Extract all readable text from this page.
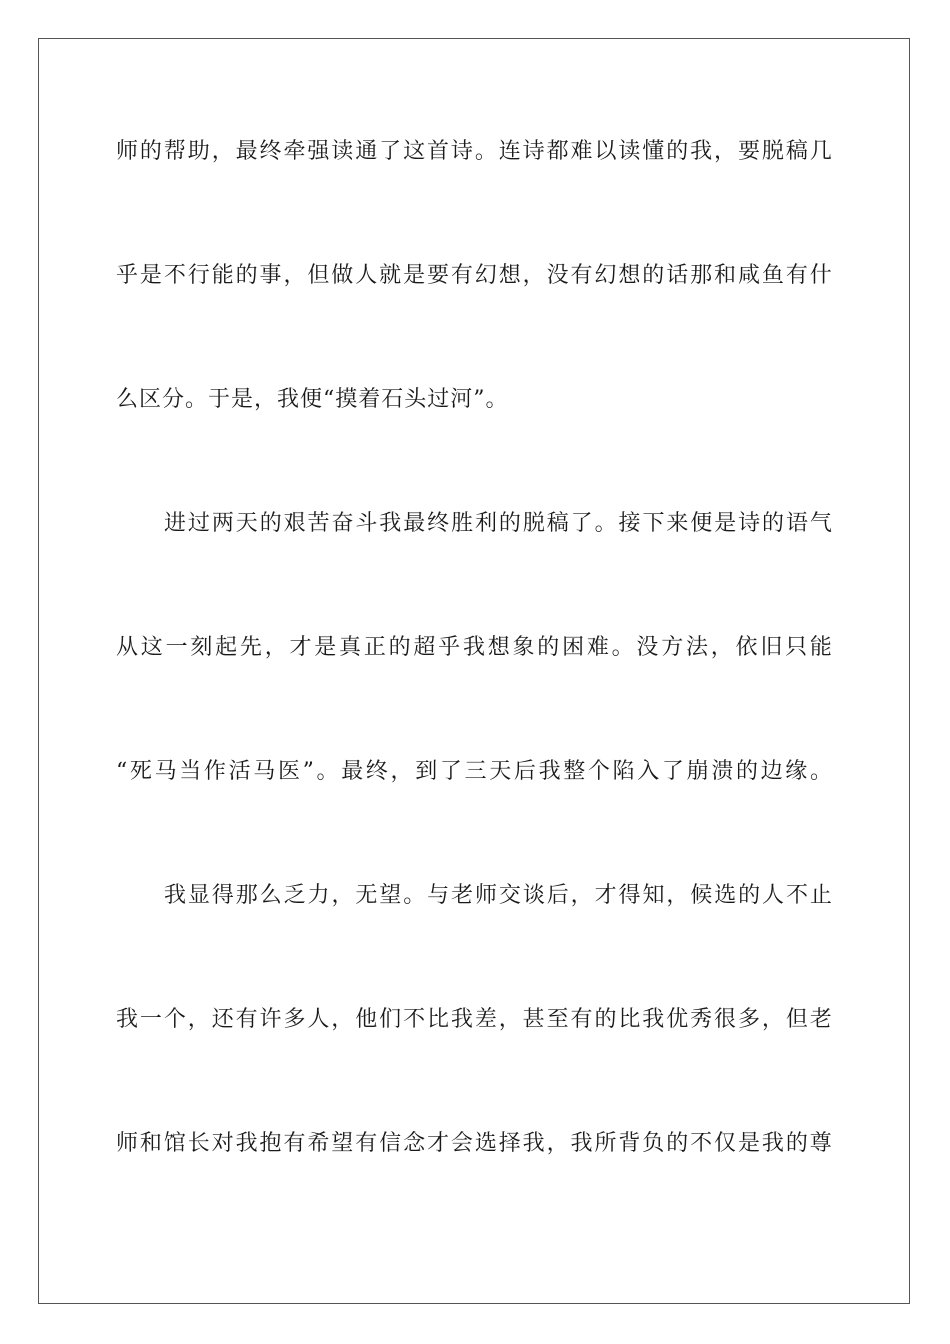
师 的 帮 助 ， 最 终 牵 强 读 通 了 这 首 诗 。 连 诗 都 难 以 读 懂 的 我 ， 要 脱 稿 几
乎 是 不 行 能 的 事 ， 但 做 人 就 是 要 有 幻 想 ， 没 有 幻 想 的 话 那 和 咸 鱼 有 什
么区分。于是，我便“摸着石头过河”。
进 过 两 天 的 艰 苦 奋 斗 我 最 终 胜 利 的 脱 稿 了 。 接 下 来 便 是 诗 的 语 气
从 这 一 刻 起 先 ， 才 是 真 正 的 超 乎 我 想 象 的 困 难 。 没 方 法 ， 依 旧 只 能
“ 死 马 当 作 活 马 医 ” 。 最 终 ， 到 了 三 天 后 我 整 个 陷 入 了 崩 溃 的 边 缘 。
我 显 得 那 么 乏 力 ， 无 望 。 与 老 师 交 谈 后 ， 才 得 知 ， 候 选 的 人 不 止
我 一 个 ， 还 有 许 多 人 ， 他 们 不 比 我 差 ， 甚 至 有 的 比 我 优 秀 很 多 ， 但 老
师 和 馆 长 对 我 抱 有 希 望 有 信 念 才 会 选 择 我 ， 我 所 背 负 的 不 仅 是 我 的 尊
